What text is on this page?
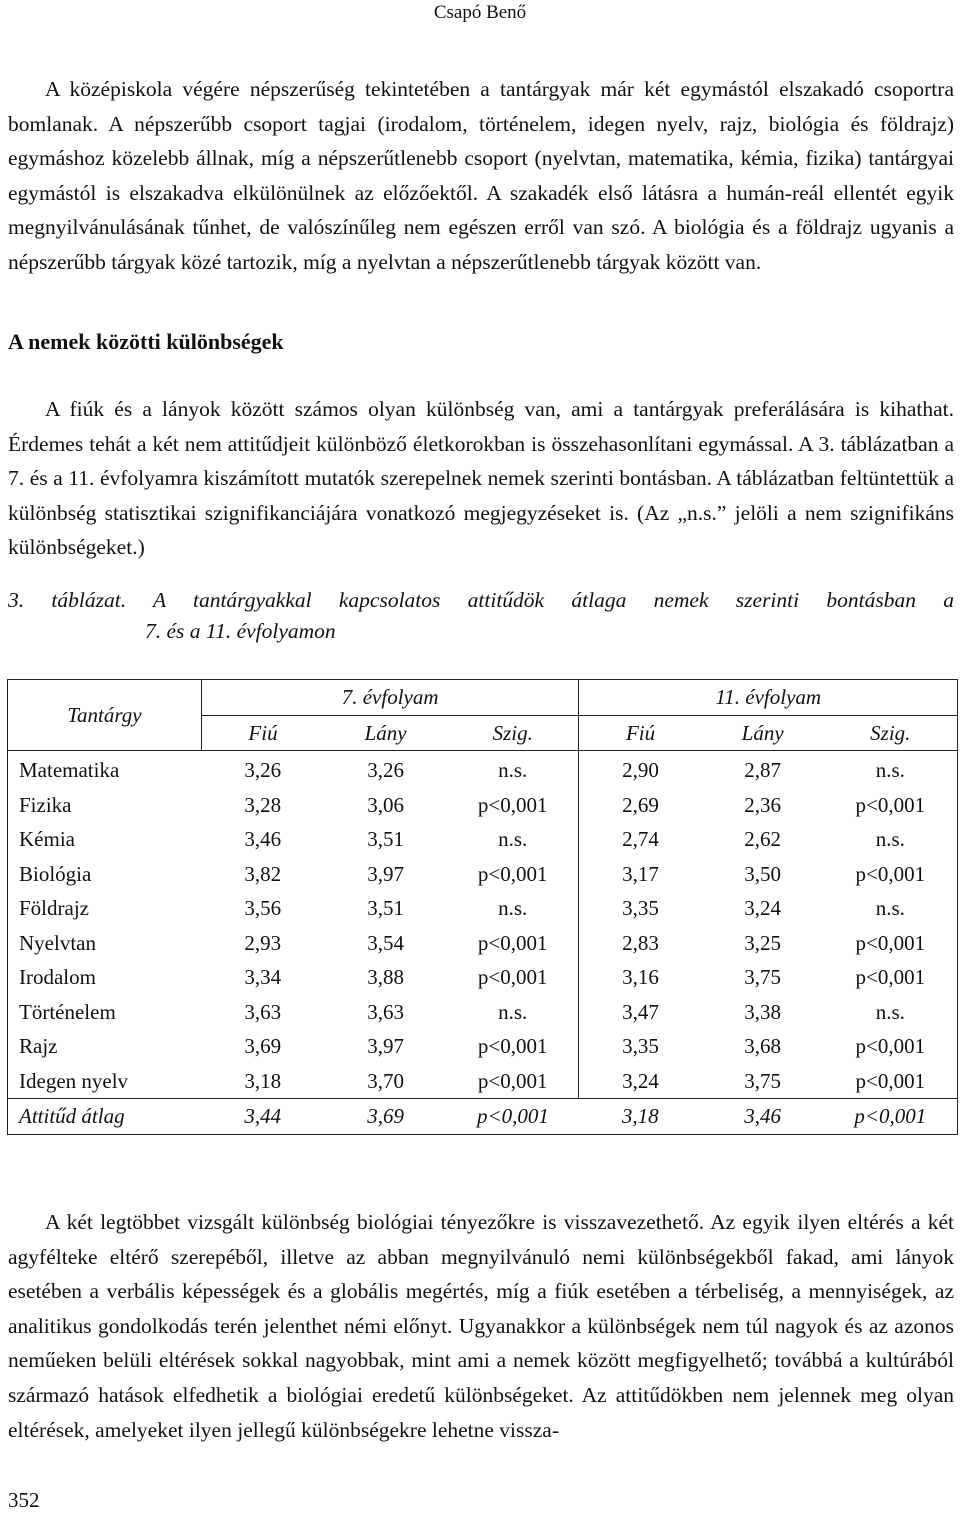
Csapó Benő

A középiskola végére népszerűség tekintetében a tantárgyak már két egymástól elszakadó csoportra bomlanak. A népszerűbb csoport tagjai (irodalom, történelem, idegen nyelv, rajz, biológia és földrajz) egymáshoz közelebb állnak, míg a népszerűtlenebb csoport (nyelvtan, matematika, kémia, fizika) tantárgyai egymástól is elszakadva elkülönülnek az előzőektől. A szakadék első látásra a humán-reál ellentét egyik megnyilvánulásának tűnhet, de valószínűleg nem egészen erről van szó. A biológia és a földrajz ugyanis a népszerűbb tárgyak közé tartozik, míg a nyelvtan a népszerűtlenebb tárgyak között van.

A nemek közötti különbségek

A fiúk és a lányok között számos olyan különbség van, ami a tantárgyak preferálására is kihathat. Érdemes tehát a két nem attitűdjeit különböző életkorokban is összehasonlítani egymással. A 3. táblázatban a 7. és a 11. évfolyamra kiszámított mutatók szerepelnek nemek szerinti bontásban. A táblázatban feltüntettük a különbség statisztikai szignifikanciájára vonatkozó megjegyzéseket is. (Az „n.s.” jelöli a nem szignifikáns különbségeket.)

3. táblázat. A tantárgyakkal kapcsolatos attitűdök átlaga nemek szerinti bontásban a
7. és a 11. évfolyamon
Tantárgy	7. évfolyam			11. évfolyam		
	Fiú	Lány	Szig.	Fiú	Lány	Szig.
Matematika	3,26	3,26	n.s.	2,90	2,87	n.s.
Fizika	3,28	3,06	p<0,001	2,69	2,36	p<0,001
Kémia	3,46	3,51	n.s.	2,74	2,62	n.s.
Biológia	3,82	3,97	p<0,001	3,17	3,50	p<0,001
Földrajz	3,56	3,51	n.s.	3,35	3,24	n.s.
Nyelvtan	2,93	3,54	p<0,001	2,83	3,25	p<0,001
Irodalom	3,34	3,88	p<0,001	3,16	3,75	p<0,001
Történelem	3,63	3,63	n.s.	3,47	3,38	n.s.
Rajz	3,69	3,97	p<0,001	3,35	3,68	p<0,001
Idegen nyelv	3,18	3,70	p<0,001	3,24	3,75	p<0,001
Attitűd átlag	3,44	3,69	p<0,001	3,18	3,46	p<0,001

A két legtöbbet vizsgált különbség biológiai tényezőkre is visszavezethető. Az egyik ilyen eltérés a két agyfélteke eltérő szerepéből, illetve az abban megnyilvánuló nemi különbségekből fakad, ami lányok esetében a verbális képességek és a globális megértés, míg a fiúk esetében a térbeliség, a mennyiségek, az analitikus gondolkodás terén jelenthet némi előnyt. Ugyanakkor a különbségek nem túl nagyok és az azonos neműeken belüli eltérések sokkal nagyobbak, mint ami a nemek között megfigyelhető; továbbá a kultúrából származó hatások elfedhetik a biológiai eredetű különbségeket. Az attitűdökben nem jelennek meg olyan eltérések, amelyeket ilyen jellegű különbségekre lehetne vissza-

352
